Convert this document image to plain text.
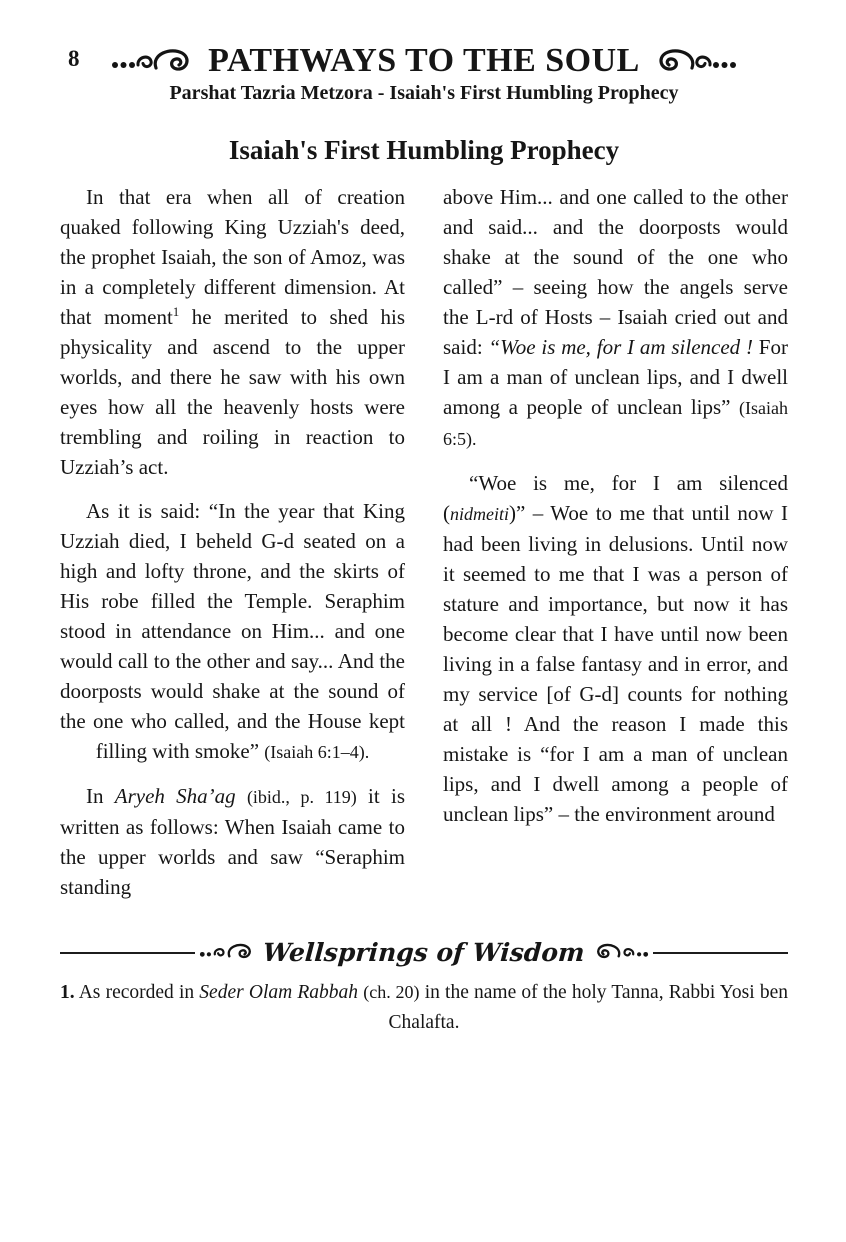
8	PATHWAYS TO THE SOUL
Parshat Tazria Metzora - Isaiah's First Humbling Prophecy
Isaiah's First Humbling Prophecy

In that era when all of creation quaked following King Uzziah's deed, the prophet Isaiah, the son of Amoz, was in a completely different dimension. At that moment$^1$ he merited to shed his physicality and ascend to the upper worlds, and there he saw with his own eyes how all the heavenly hosts were trembling and roiling in reaction to Uzziah’s act.

As it is said: “In the year that King Uzziah died, I beheld G-d seated on a high and lofty throne, and the skirts of His robe filled the Temple. Seraphim stood in attendance on Him... and one would call to the other and say... And the doorposts would shake at the sound of the one who called, and the House kept filling with smoke” (Isaiah 6:1–4).

In Aryeh Sha’ag (ibid., p. 119) it is written as follows: When Isaiah came to the upper worlds and saw “Seraphim standing

above Him... and one called to the other and said... and the doorposts would shake at the sound of the one who called” – seeing how the angels serve the L-rd of Hosts – Isaiah cried out and said: “Woe is me, for I am silenced ! For I am a man of unclean lips, and I dwell among a people of unclean lips” (Isaiah 6:5).

“Woe is me, for I am silenced (nidmeiti)” – Woe to me that until now I had been living in delusions. Until now it seemed to me that I was a person of stature and importance, but now it has become clear that I have until now been living in a false fantasy and in error, and my service [of G-d] counts for nothing at all ! And the reason I made this mistake is “for I am a man of unclean lips, and I dwell among a people of unclean lips” – the environment around

Wellsprings of Wisdom
1. As recorded in Seder Olam Rabbah (ch. 20) in the name of the holy Tanna, Rabbi Yosi ben Chalafta.
